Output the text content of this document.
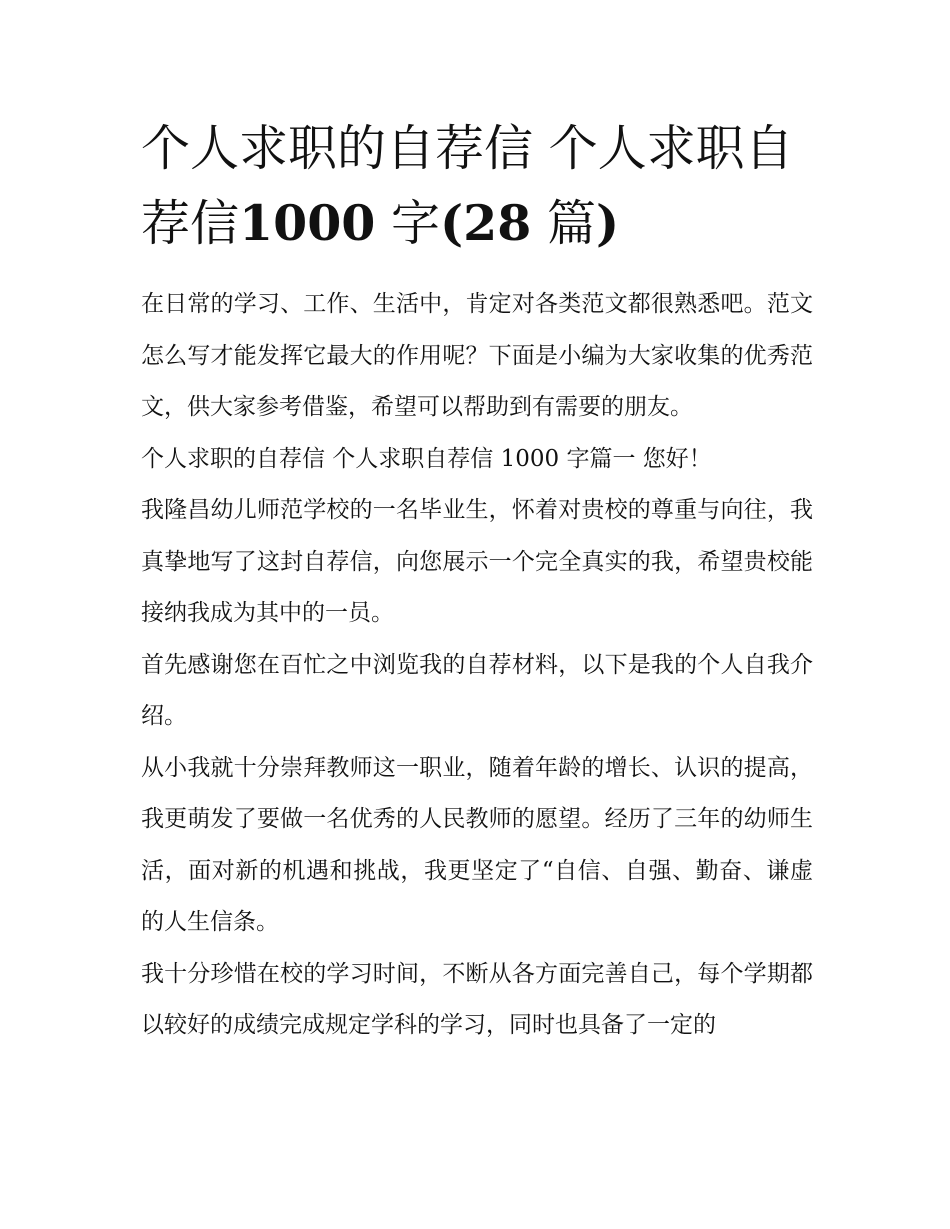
个人求职的自荐信 个人求职自
荐信1000 字(28 篇)

在日常的学习、工作、生活中，肯定对各类范文都很熟悉吧。范文怎么写才能发挥它最大的作用呢？下面是小编为大家收集的优秀范文，供大家参考借鉴，希望可以帮助到有需要的朋友。

个人求职的自荐信 个人求职自荐信 1000 字篇一 您好！

我隆昌幼儿师范学校的一名毕业生，怀着对贵校的尊重与向往，我真挚地写了这封自荐信，向您展示一个完全真实的我，希望贵校能接纳我成为其中的一员。

首先感谢您在百忙之中浏览我的自荐材料，以下是我的个人自我介绍。

从小我就十分崇拜教师这一职业，随着年龄的增长、认识的提高，我更萌发了要做一名优秀的人民教师的愿望。经历了三年的幼师生活，面对新的机遇和挑战，我更坚定了“自信、自强、勤奋、谦虚的人生信条。

我十分珍惜在校的学习时间，不断从各方面完善自己，每个学期都以较好的成绩完成规定学科的学习，同时也具备了一定的
